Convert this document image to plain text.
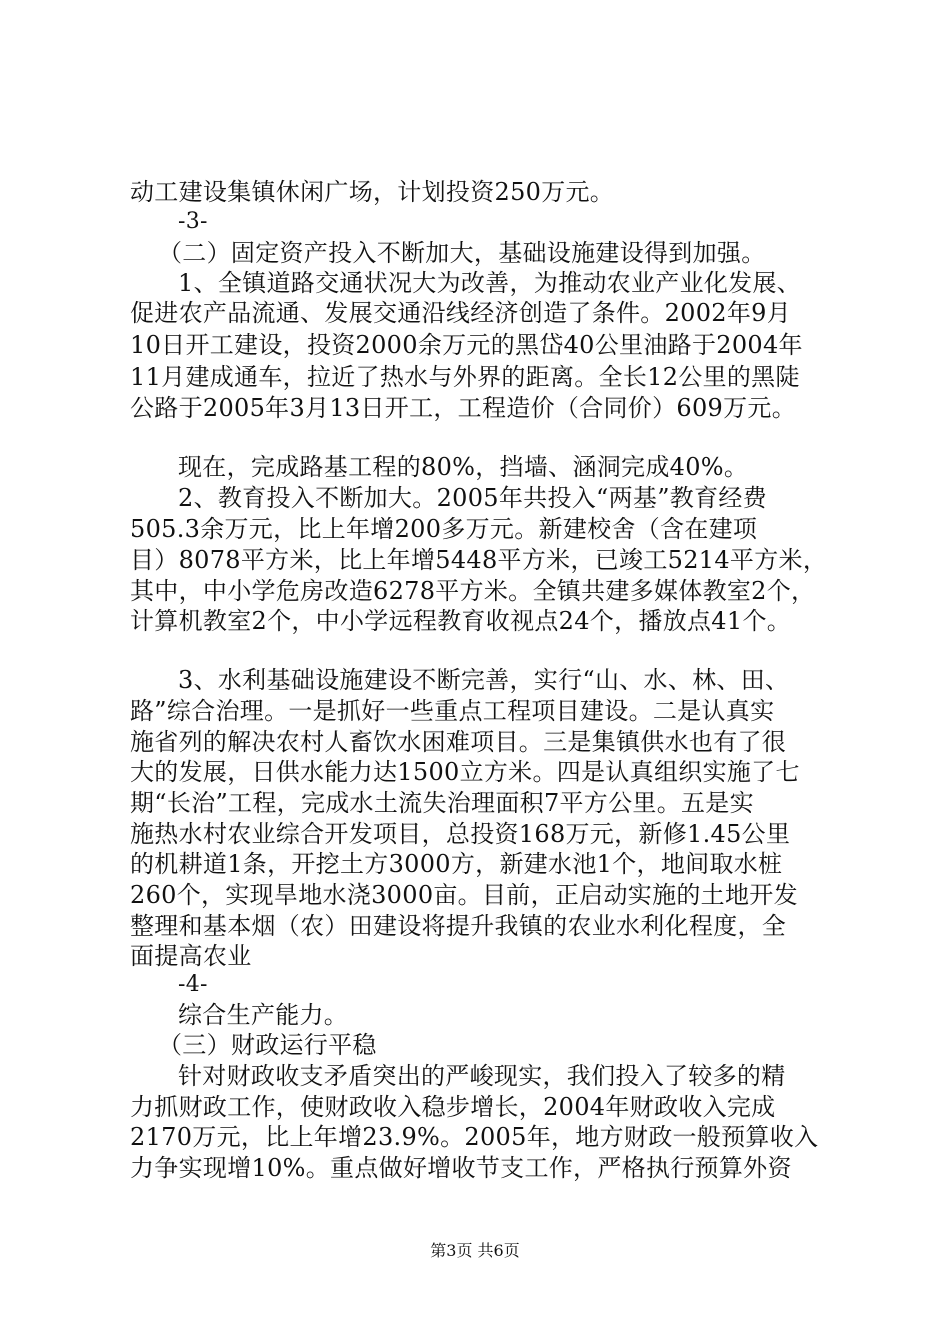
动工建设集镇休闲广场，计划投资250万元。
-3-
（二）固定资产投入不断加大，基础设施建设得到加强。
1、全镇道路交通状况大为改善，为推动农业产业化发展、
促进农产品流通、发展交通沿线经济创造了条件。2002年9月
10日开工建设，投资2000余万元的黑岱40公里油路于2004年
11月建成通车，拉近了热水与外界的距离。全长12公里的黑陡
公路于2005年3月13日开工，工程造价（合同价）609万元。
现在，完成路基工程的80%，挡墙、涵洞完成40%。
2、教育投入不断加大。2005年共投入“两基”教育经费
505.3余万元，比上年增200多万元。新建校舍（含在建项
目）8078平方米，比上年增5448平方米，已竣工5214平方米，
其中，中小学危房改造6278平方米。全镇共建多媒体教室2个，
计算机教室2个，中小学远程教育收视点24个，播放点41个。
3、水利基础设施建设不断完善，实行“山、水、林、田、
路”综合治理。一是抓好一些重点工程项目建设。二是认真实
施省列的解决农村人畜饮水困难项目。三是集镇供水也有了很
大的发展，日供水能力达1500立方米。四是认真组织实施了七
期“长治”工程，完成水土流失治理面积7平方公里。五是实
施热水村农业综合开发项目，总投资168万元，新修1.45公里
的机耕道1条，开挖土方3000方，新建水池1个，地间取水桩
260个，实现旱地水浇3000亩。目前，正启动实施的土地开发
整理和基本烟（农）田建设将提升我镇的农业水利化程度，全
面提高农业
-4-
综合生产能力。
（三）财政运行平稳
针对财政收支矛盾突出的严峻现实，我们投入了较多的精
力抓财政工作，使财政收入稳步增长，2004年财政收入完成
2170万元，比上年增23.9%。2005年，地方财政一般预算收入
力争实现增10%。重点做好增收节支工作，严格执行预算外资
第3页 共6页
